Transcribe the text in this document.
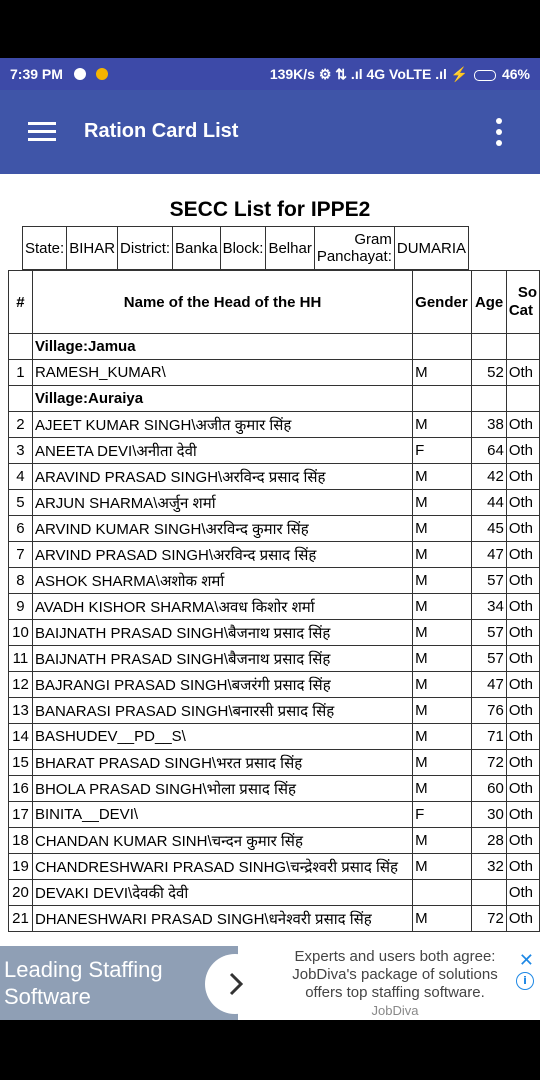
7:39 PM	139K/s ⚙ ⇅ .ıl 4G VoLTE .ıl ⚡ 46%
Ration Card List
SECC List for IPPE2
State:	BIHAR	District:	Banka	Block:	Belhar	Gram
Panchayat:	DUMARIA
#	Name of the Head of the HH	Gender	Age	So
Cat

	Village:Jamua			
1	RAMESH_KUMAR\	M	52	Oth
	Village:Auraiya			
2	AJEET KUMAR SINGH\अजीत कुमार सिंह	M	38	Oth
3	ANEETA DEVI\अनीता देवी	F	64	Oth
4	ARAVIND PRASAD SINGH\अरविन्द प्रसाद सिंह	M	42	Oth
5	ARJUN SHARMA\अर्जुन शर्मा	M	44	Oth
6	ARVIND KUMAR SINGH\अरविन्द कुमार सिंह	M	45	Oth
7	ARVIND PRASAD SINGH\अरविन्द प्रसाद सिंह	M	47	Oth
8	ASHOK SHARMA\अशोक शर्मा	M	57	Oth
9	AVADH KISHOR SHARMA\अवध किशोर शर्मा	M	34	Oth
10	BAIJNATH PRASAD SINGH\बैजनाथ प्रसाद सिंह	M	57	Oth
11	BAIJNATH PRASAD SINGH\बैजनाथ प्रसाद सिंह	M	57	Oth
12	BAJRANGI PRASAD SINGH\बजरंगी प्रसाद सिंह	M	47	Oth
13	BANARASI PRASAD SINGH\बनारसी प्रसाद सिंह	M	76	Oth
14	BASHUDEV__PD__S\	M	71	Oth
15	BHARAT PRASAD SINGH\भरत प्रसाद सिंह	M	72	Oth
16	BHOLA PRASAD SINGH\भोला प्रसाद सिंह	M	60	Oth
17	BINITA__DEVI\	F	30	Oth
18	CHANDAN KUMAR SINH\चन्दन कुमार सिंह	M	28	Oth
19	CHANDRESHWARI PRASAD SINHG\चन्द्रेश्वरी प्रसाद सिंह	M	32	Oth
20	DEVAKI DEVI\देवकी देवी			Oth
21	DHANESHWARI PRASAD SINGH\धनेश्वरी प्रसाद सिंह	M	72	Oth
Leading Staffing Software
Experts and users both agree: JobDiva's package of solutions offers top staffing software.
JobDiva
✕
i
